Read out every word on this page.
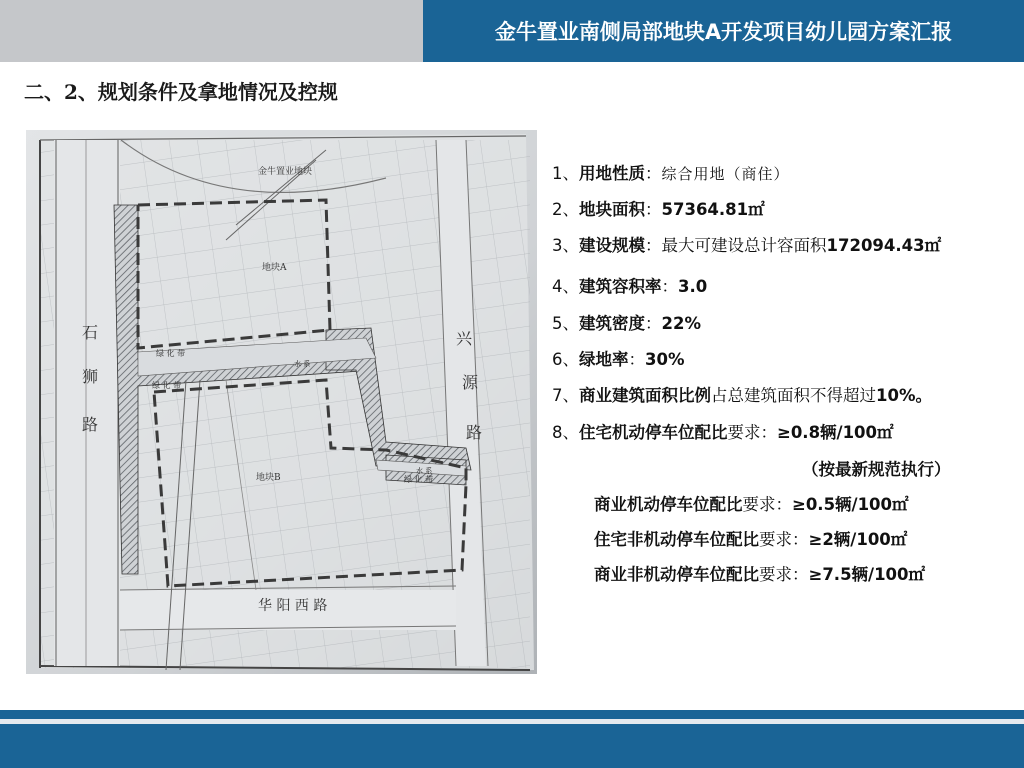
金牛置业南侧局部地块A开发项目幼儿园方案汇报
二、2、规划条件及拿地情况及控规
金牛置业地块
地块A
地块B
石
狮
路
兴
源
路
华 阳 西 路
绿 化 带
绿 化 带
绿 化 带
水 系
水 系
1、用地性质：综合用地（商住）
2、地块面积：57364.81㎡
3、建设规模：最大可建设总计容面积172094.43㎡
4、建筑容积率：3.0
5、建筑密度：22%
6、绿地率：30%
7、商业建筑面积比例占总建筑面积不得超过10%。
8、住宅机动停车位配比要求：≥0.8辆/100㎡
（按最新规范执行）
商业机动停车位配比要求：≥0.5辆/100㎡
住宅非机动停车位配比要求：≥2辆/100㎡
商业非机动停车位配比要求：≥7.5辆/100㎡
